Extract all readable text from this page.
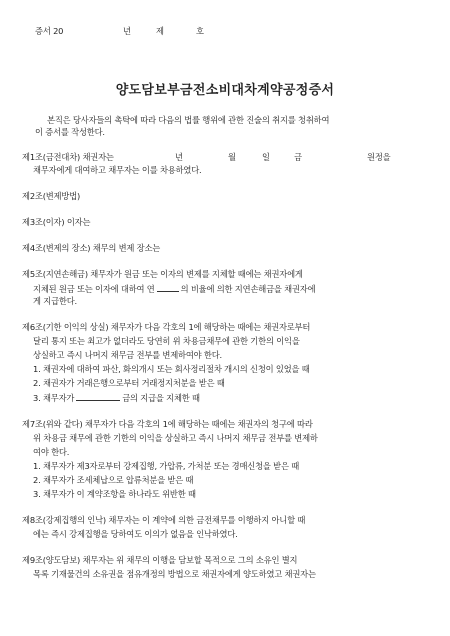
증서 20	년	제	호
양도담보부금전소비대차계약공정증서
본직은 당사자들의 촉탁에 따라 다음의 법률 행위에 관한 진술의 취지를 청취하여
이 증서를 작성한다.
제1조(금전대차) 채권자는	년	월	일	금	원정을
채무자에게 대여하고 채무자는 이를 차용하였다.
제2조(변제방법)
제3조(이자) 이자는
제4조(변제의 장소) 채무의 변제 장소는
제5조(지연손해금) 채무자가 원금 또는 이자의 변제를 지체할 때에는 채권자에게
지체된 원금 또는 이자에 대하여 연	의 비율에 의한 지연손해금을 채권자에
게 지급한다.
제6조(기한 이익의 상실) 채무자가 다음 각호의 1에 해당하는 때에는 채권자로부터
달리 통지 또는 최고가 없더라도 당연히 위 차용금채무에 관한 기한의 이익을
상실하고 즉시 나머지 채무금 전부를 변제하여야 한다.
1. 채권자에 대하여 파산, 화의개시 또는 회사정리절차 개시의 신청이 있었을 때
2. 채권자가 거래은행으로부터 거래정지처분을 받은 때
3. 채무자가	금의 지급을 지체한 때
제7조(위와 같다) 채무자가 다음 각호의 1에 해당하는 때에는 채권자의 청구에 따라
위 차용금 채무에 관한 기한의 이익을 상실하고 즉시 나머지 채무금 전부를 변제하
여야 한다.
1. 채무자가 제3자로부터 강제집행, 가압류, 가처분 또는 경매신청을 받은 때
2. 채무자가 조세체납으로 압류처분을 받은 때
3. 채무자가 이 계약조항을 하나라도 위반한 때
제8조(강제집행의 인낙) 채무자는 이 계약에 의한 금전채무를 이행하지 아니할 때
에는 즉시 강제집행을 당하여도 이의가 없음을 인낙하였다.
제9조(양도담보) 채무자는 위 채무의 이행을 담보할 목적으로 그의 소유인 별지
목록 기재물건의 소유권을 점유개정의 방법으로 채권자에게 양도하였고 채권자는
